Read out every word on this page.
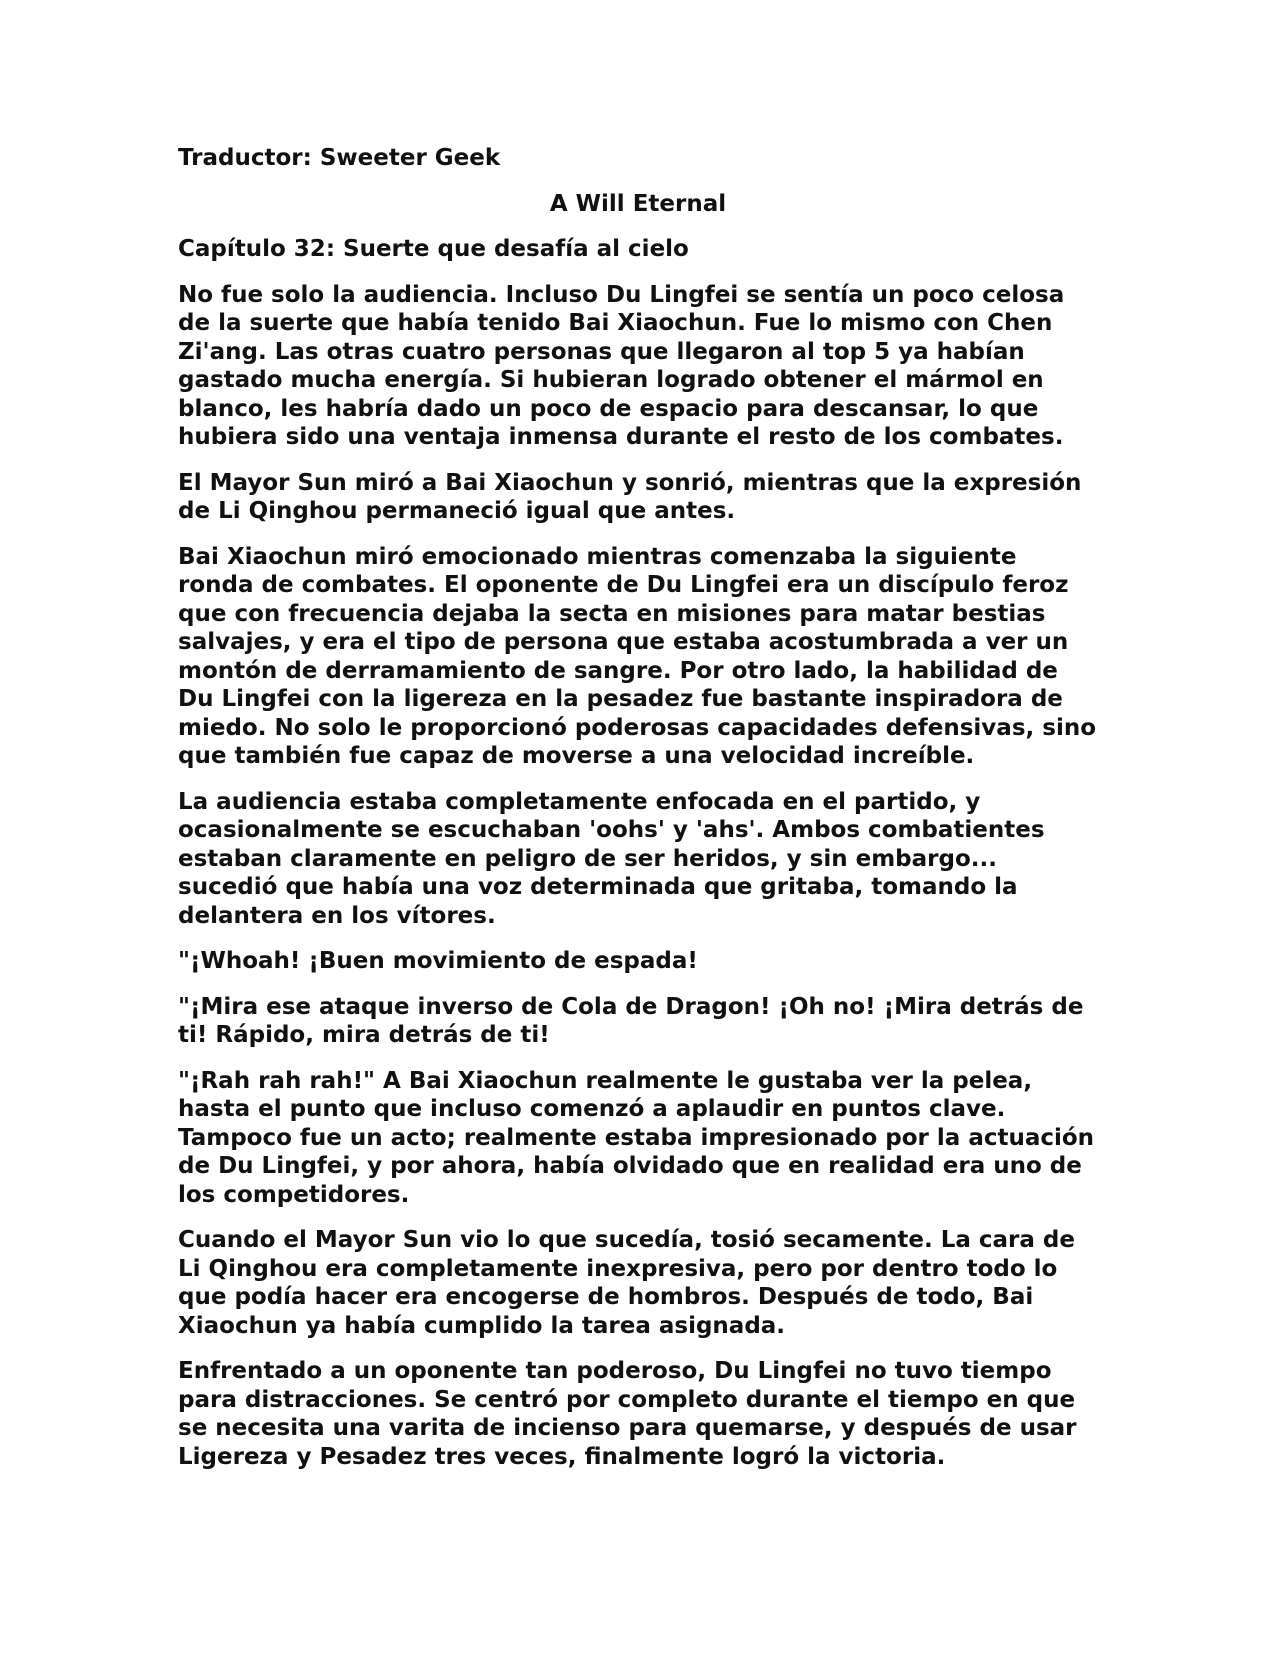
Traductor: Sweeter Geek

A Will Eternal

Capítulo 32: Suerte que desafía al cielo

No fue solo la audiencia. Incluso Du Lingfei se sentía un poco celosa de la suerte que había tenido Bai Xiaochun. Fue lo mismo con Chen Zi'ang. Las otras cuatro personas que llegaron al top 5 ya habían gastado mucha energía. Si hubieran logrado obtener el mármol en blanco, les habría dado un poco de espacio para descansar, lo que hubiera sido una ventaja inmensa durante el resto de los combates.

El Mayor Sun miró a Bai Xiaochun y sonrió, mientras que la expresión de Li Qinghou permaneció igual que antes.

Bai Xiaochun miró emocionado mientras comenzaba la siguiente ronda de combates. El oponente de Du Lingfei era un discípulo feroz que con frecuencia dejaba la secta en misiones para matar bestias salvajes, y era el tipo de persona que estaba acostumbrada a ver un montón de derramamiento de sangre. Por otro lado, la habilidad de Du Lingfei con la ligereza en la pesadez fue bastante inspiradora de miedo. No solo le proporcionó poderosas capacidades defensivas, sino que también fue capaz de moverse a una velocidad increíble.

La audiencia estaba completamente enfocada en el partido, y ocasionalmente se escuchaban 'oohs' y 'ahs'. Ambos combatientes estaban claramente en peligro de ser heridos, y sin embargo... sucedió que había una voz determinada que gritaba, tomando la delantera en los vítores.

"¡Whoah! ¡Buen movimiento de espada!

"¡Mira ese ataque inverso de Cola de Dragon! ¡Oh no! ¡Mira detrás de ti! Rápido, mira detrás de ti!

"¡Rah rah rah!" A Bai Xiaochun realmente le gustaba ver la pelea, hasta el punto que incluso comenzó a aplaudir en puntos clave. Tampoco fue un acto; realmente estaba impresionado por la actuación de Du Lingfei, y por ahora, había olvidado que en realidad era uno de los competidores.

Cuando el Mayor Sun vio lo que sucedía, tosió secamente. La cara de Li Qinghou era completamente inexpresiva, pero por dentro todo lo que podía hacer era encogerse de hombros. Después de todo, Bai Xiaochun ya había cumplido la tarea asignada.

Enfrentado a un oponente tan poderoso, Du Lingfei no tuvo tiempo para distracciones. Se centró por completo durante el tiempo en que se necesita una varita de incienso para quemarse, y después de usar Ligereza y Pesadez tres veces, finalmente logró la victoria.
